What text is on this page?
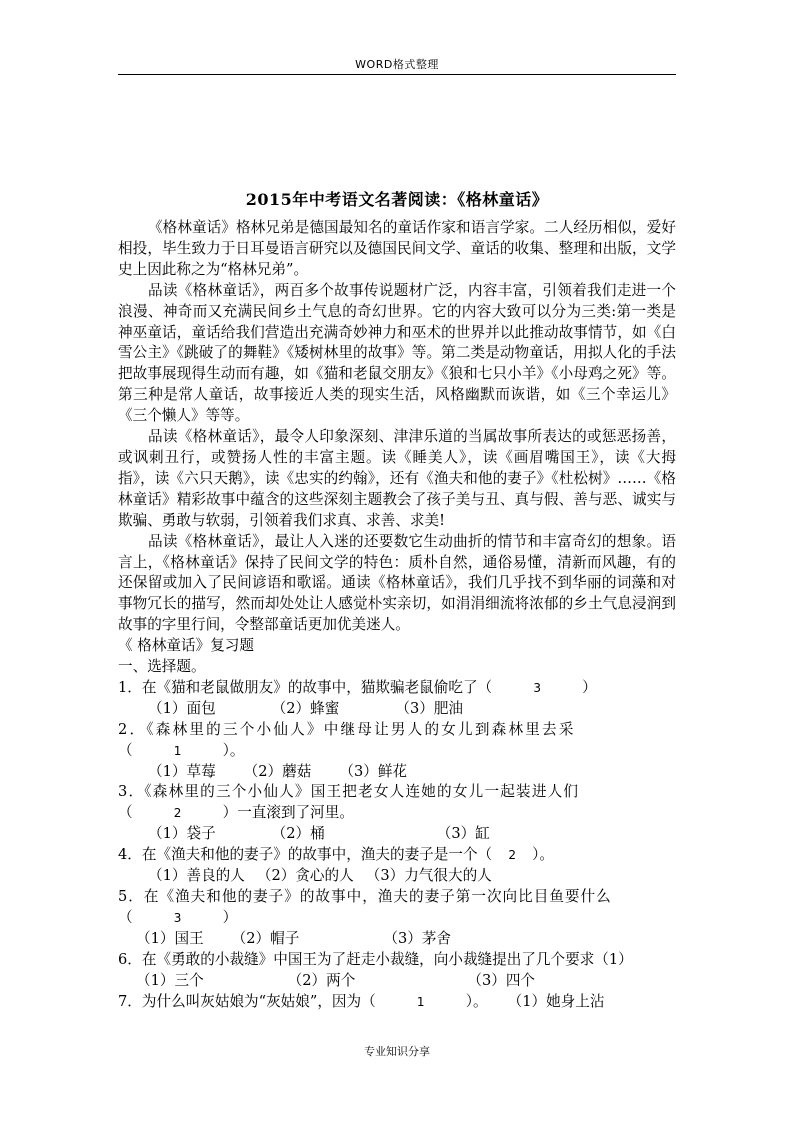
WORD格式整理
2015年中考语文名著阅读：《格林童话》

《格林童话》格林兄弟是德国最知名的童话作家和语言学家。二人经历相似，爱好相投，毕生致力于日耳曼语言研究以及德国民间文学、童话的收集、整理和出版，文学史上因此称之为“格林兄弟”。

品读《格林童话》，两百多个故事传说题材广泛，内容丰富，引领着我们走进一个浪漫、神奇而又充满民间乡土气息的奇幻世界。它的内容大致可以分为三类:第一类是神巫童话，童话给我们营造出充满奇妙神力和巫术的世界并以此推动故事情节，如《白雪公主》《跳破了的舞鞋》《矮树林里的故事》等。第二类是动物童话，用拟人化的手法把故事展现得生动而有趣，如《猫和老鼠交朋友》《狼和七只小羊》《小母鸡之死》等。第三种是常人童话，故事接近人类的现实生活，风格幽默而诙谐，如《三个幸运儿》《三个懒人》等等。

品读《格林童话》，最令人印象深刻、津津乐道的当属故事所表达的或惩恶扬善，或讽刺丑行，或赞扬人性的丰富主题。读《睡美人》，读《画眉嘴国王》，读《大拇指》，读《六只天鹅》，读《忠实的约翰》，还有《渔夫和他的妻子》《杜松树》……《格林童话》精彩故事中蕴含的这些深刻主题教会了孩子美与丑、真与假、善与恶、诚实与欺骗、勇敢与软弱，引领着我们求真、求善、求美!

品读《格林童话》，最让人入迷的还要数它生动曲折的情节和丰富奇幻的想象。语言上，《格林童话》保持了民间文学的特色：质朴自然，通俗易懂，清新而风趣，有的还保留或加入了民间谚语和歌谣。通读《格林童话》，我们几乎找不到华丽的词藻和对事物冗长的描写，然而却处处让人感觉朴实亲切，如涓涓细流将浓郁的乡土气息浸润到故事的字里行间，令整部童话更加优美迷人。

《 格林童话》复习题

一、选择题。

1．在《猫和老鼠做朋友》的故事中，猫欺骗老鼠偷吃了（	3	）

（1）面包	（2）蜂蜜	（3）肥油

2．《森林里的三个小仙人》中继母让男人的女儿到森林里去采

（	1	）。

（1）草莓 （2）蘑菇 （3）鲜花

3．《森林里的三个小仙人》国王把老女人连她的女儿一起装进人们

（	2	）一直滚到了河里。

（1）袋子	（2）桶	（3）缸

4．在《渔夫和他的妻子》的故事中，渔夫的妻子是一个（ 2 ）。

（1）善良的人 （2）贪心的人 （3）力气很大的人

5．在《渔夫和他的妻子》的故事中，渔夫的妻子第一次向比目鱼要什么

（	3	）

（1）国王 （2）帽子	（3）茅舍

6．在《勇敢的小裁缝》中国王为了赶走小裁缝，向小裁缝提出了几个要求（1）

（1）三个	（2）两个	（3）四个

7．为什么叫灰姑娘为“灰姑娘”，因为（	1	）。 （1）她身上沾

专业知识分享
